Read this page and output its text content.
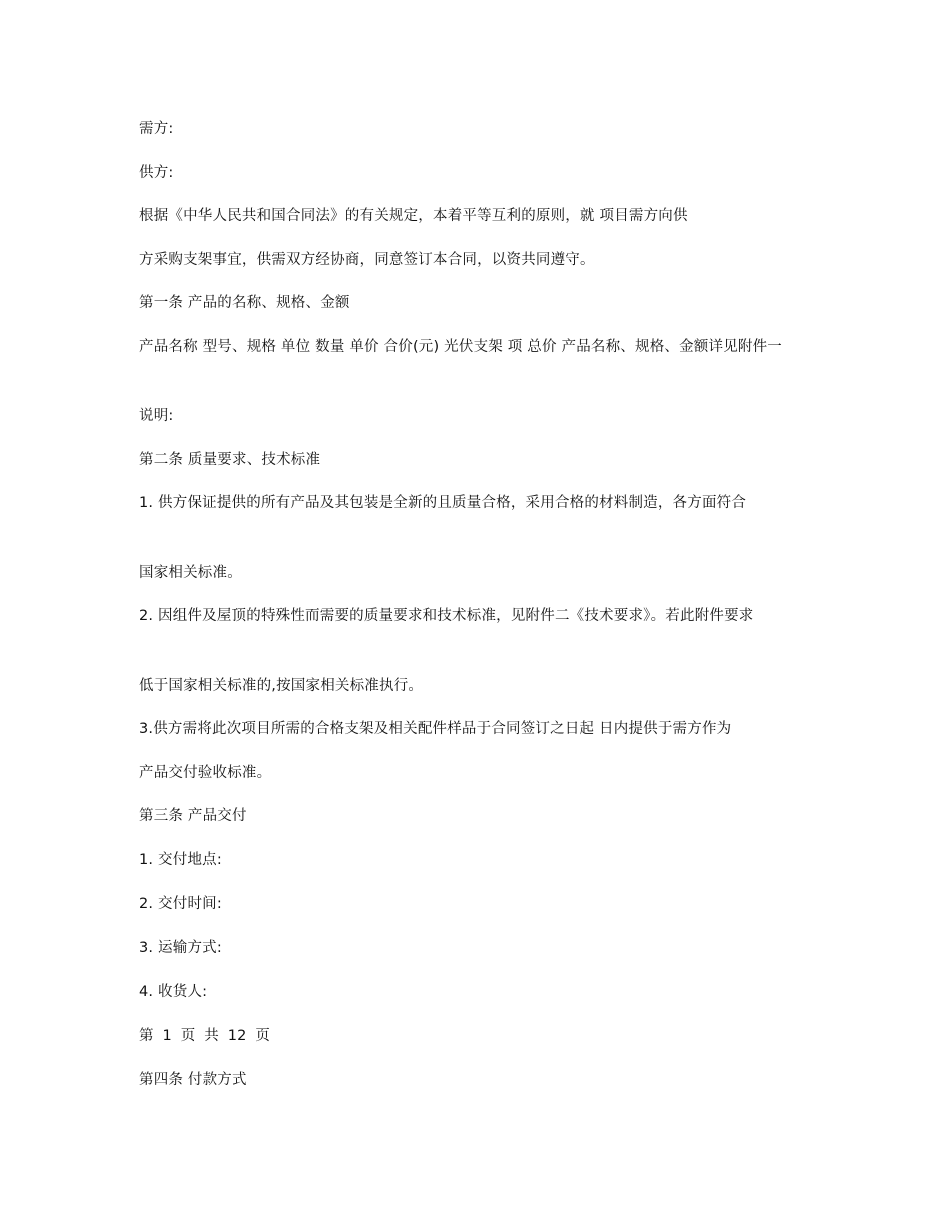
需方:
供方:
根据《中华人民共和国合同法》的有关规定，本着平等互利的原则，就 项目需方向供
方采购支架事宜，供需双方经协商，同意签订本合同，以资共同遵守。
第一条 产品的名称、规格、金额
产品名称 型号、规格 单位 数量 单价 合价(元) 光伏支架 项 总价 产品名称、规格、金额详见附件一
说明:
第二条 质量要求、技术标准
1. 供方保证提供的所有产品及其包装是全新的且质量合格，采用合格的材料制造，各方面符合
国家相关标准。
2. 因组件及屋顶的特殊性而需要的质量要求和技术标准，见附件二《技术要求》。若此附件要求
低于国家相关标准的,按国家相关标准执行。
3.供方需将此次项目所需的合格支架及相关配件样品于合同签订之日起 日内提供于需方作为
产品交付验收标准。
第三条 产品交付
1. 交付地点:
2. 交付时间:
3. 运输方式:
4. 收货人:
第 1 页 共 12 页
第四条 付款方式
